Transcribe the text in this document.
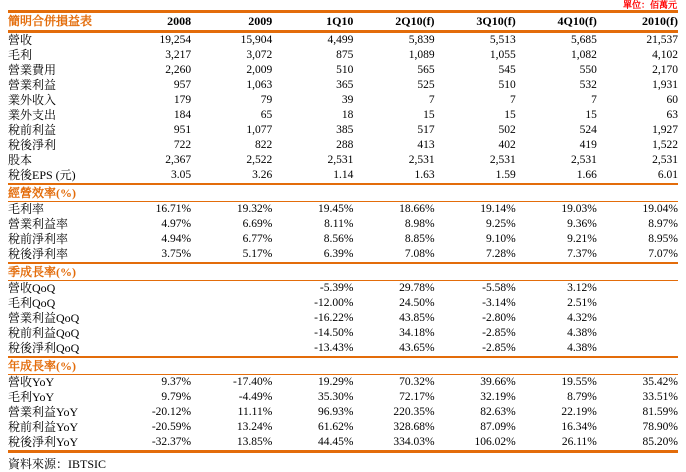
單位：佰萬元
簡明合併損益表	2008	2009	1Q10	2Q10(f)	3Q10(f)	4Q10(f)	2010(f)
營收	19,254	15,904	4,499	5,839	5,513	5,685	21,537
毛利	3,217	3,072	875	1,089	1,055	1,082	4,102
營業費用	2,260	2,009	510	565	545	550	2,170
營業利益	957	1,063	365	525	510	532	1,931
業外收入	179	79	39	7	7	7	60
業外支出	184	65	18	15	15	15	63
稅前利益	951	1,077	385	517	502	524	1,927
稅後淨利	722	822	288	413	402	419	1,522
股本	2,367	2,522	2,531	2,531	2,531	2,531	2,531
稅後EPS (元)	3.05	3.26	1.14	1.63	1.59	1.66	6.01
經營效率(%)							
毛利率	16.71%	19.32%	19.45%	18.66%	19.14%	19.03%	19.04%
營業利益率	4.97%	6.69%	8.11%	8.98%	9.25%	9.36%	8.97%
稅前淨利率	4.94%	6.77%	8.56%	8.85%	9.10%	9.21%	8.95%
稅後淨利率	3.75%	5.17%	6.39%	7.08%	7.28%	7.37%	7.07%
季成長率(%)							
營收QoQ			-5.39%	29.78%	-5.58%	3.12%	
毛利QoQ			-12.00%	24.50%	-3.14%	2.51%	
營業利益QoQ			-16.22%	43.85%	-2.80%	4.32%	
稅前利益QoQ			-14.50%	34.18%	-2.85%	4.38%	
稅後淨利QoQ			-13.43%	43.65%	-2.85%	4.38%	
年成長率(%)							
營收YoY	9.37%	-17.40%	19.29%	70.32%	39.66%	19.55%	35.42%
毛利YoY	9.79%	-4.49%	35.30%	72.17%	32.19%	8.79%	33.51%
營業利益YoY	-20.12%	11.11%	96.93%	220.35%	82.63%	22.19%	81.59%
稅前利益YoY	-20.59%	13.24%	61.62%	328.68%	87.09%	16.34%	78.90%
稅後淨利YoY	-32.37%	13.85%	44.45%	334.03%	106.02%	26.11%	85.20%
資料來源：IBTSIC
